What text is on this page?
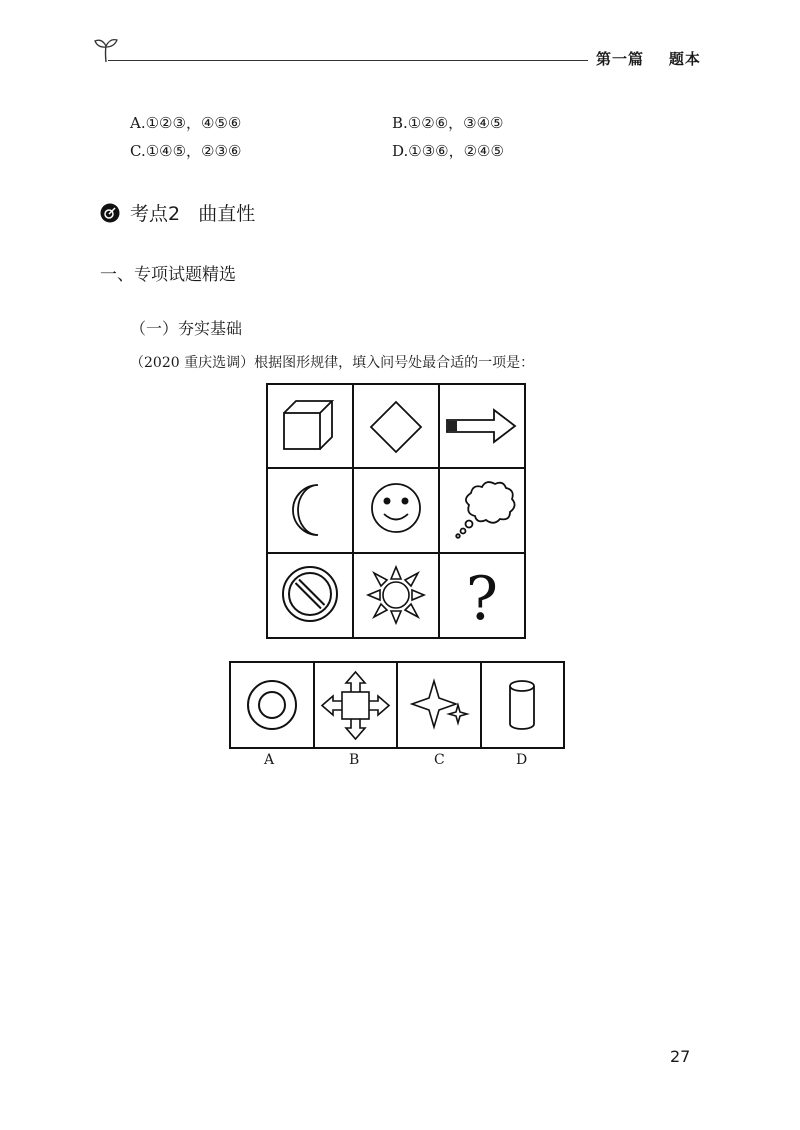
第一篇    题本
A.①②③，④⑤⑥	B.①②⑥，③④⑤
C.①④⑤，②③⑥	D.①③⑥，②④⑤
考点2   曲直性
一、专项试题精选
（一）夯实基础
（2020 重庆选调）根据图形规律，填入问号处最合适的一项是：
?
A	B	C	D
27
